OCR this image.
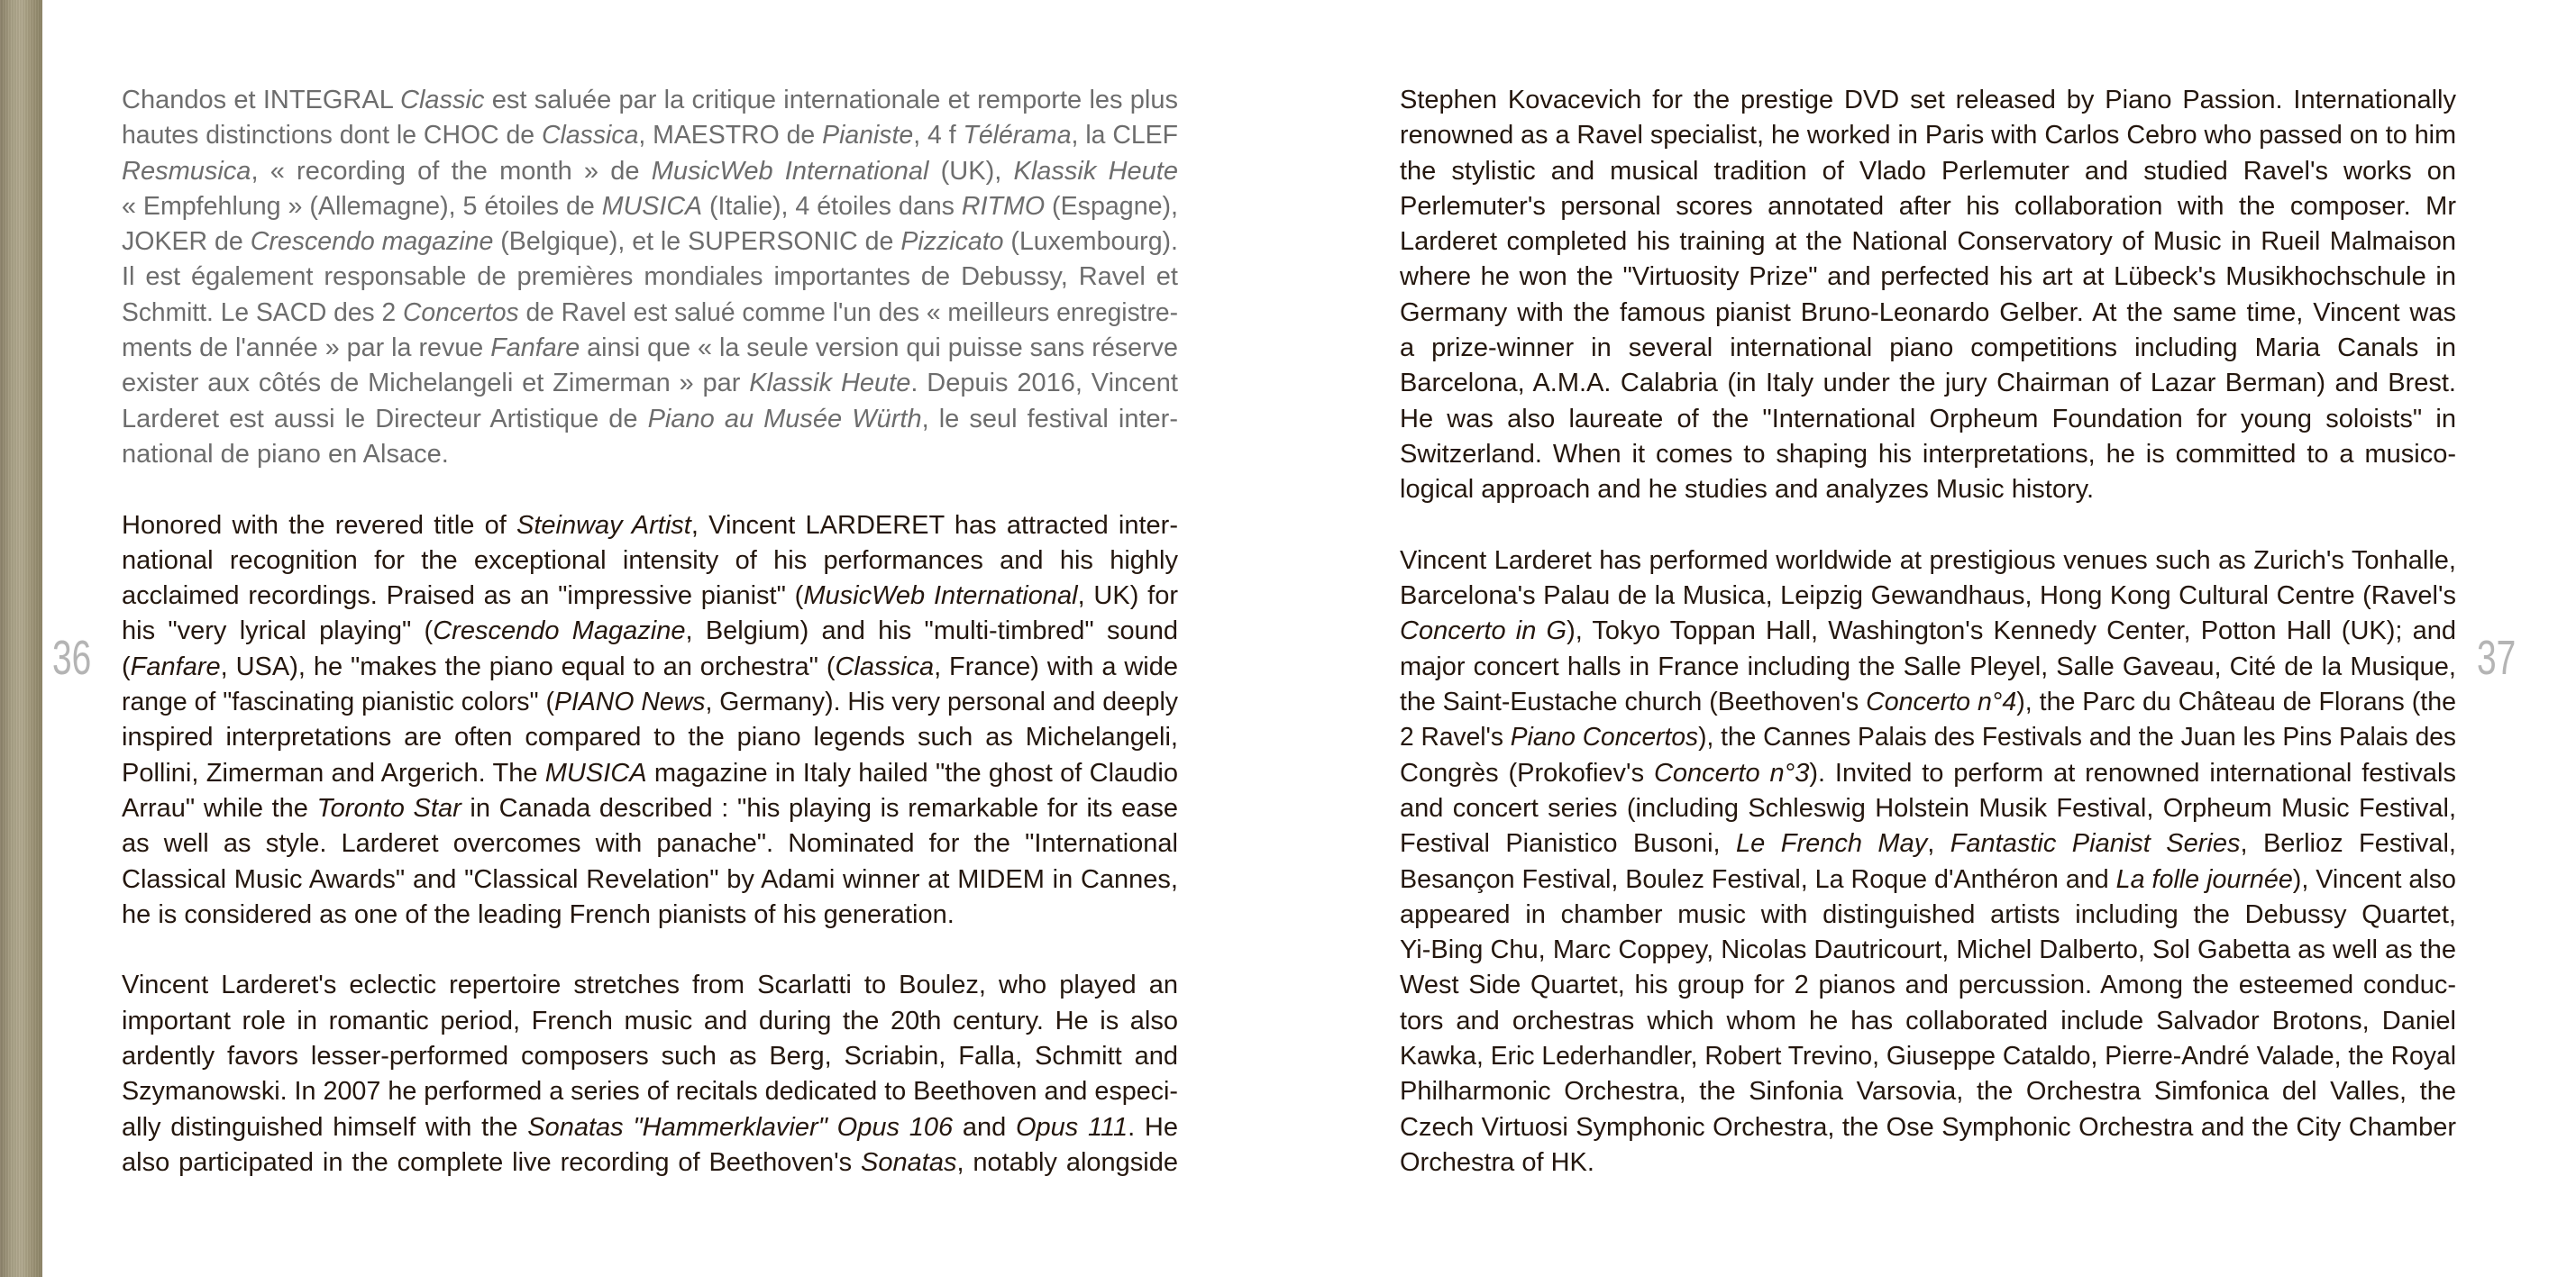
36	37
Chandos et INTEGRAL Classic est saluée par la critique internationale et remporte les plus
hautes distinctions dont le CHOC de Classica, MAESTRO de Pianiste, 4 f Télérama, la CLEF
Resmusica, « recording of the month » de MusicWeb International (UK), Klassik Heute
« Empfehlung » (Allemagne), 5 étoiles de MUSICA (Italie), 4 étoiles dans RITMO (Espagne),
JOKER de Crescendo magazine (Belgique), et le SUPERSONIC de Pizzicato (Luxembourg).
Il est également responsable de premières mondiales importantes de Debussy, Ravel et
Schmitt. Le SACD des 2 Concertos de Ravel est salué comme l'un des « meilleurs enregistre-
ments de l'année » par la revue Fanfare ainsi que « la seule version qui puisse sans réserve
exister aux côtés de Michelangeli et Zimerman » par Klassik Heute. Depuis 2016, Vincent
Larderet est aussi le Directeur Artistique de Piano au Musée Würth, le seul festival inter-
national de piano en Alsace.
Honored with the revered title of Steinway Artist, Vincent LARDERET has attracted inter-
national recognition for the exceptional intensity of his performances and his highly
acclaimed recordings. Praised as an "impressive pianist" (MusicWeb International, UK) for
his "very lyrical playing" (Crescendo Magazine, Belgium) and his "multi-timbred" sound
(Fanfare, USA), he "makes the piano equal to an orchestra" (Classica, France) with a wide
range of "fascinating pianistic colors" (PIANO News, Germany). His very personal and deeply
inspired interpretations are often compared to the piano legends such as Michelangeli,
Pollini, Zimerman and Argerich. The MUSICA magazine in Italy hailed "the ghost of Claudio
Arrau" while the Toronto Star in Canada described : "his playing is remarkable for its ease
as well as style. Larderet overcomes with panache". Nominated for the "International
Classical Music Awards" and "Classical Revelation" by Adami winner at MIDEM in Cannes,
he is considered as one of the leading French pianists of his generation.
Vincent Larderet's eclectic repertoire stretches from Scarlatti to Boulez, who played an
important role in romantic period, French music and during the 20th century. He is also
ardently favors lesser-performed composers such as Berg, Scriabin, Falla, Schmitt and
Szymanowski. In 2007 he performed a series of recitals dedicated to Beethoven and especi-
ally distinguished himself with the Sonatas "Hammerklavier" Opus 106 and Opus 111. He
also participated in the complete live recording of Beethoven's Sonatas, notably alongside
Stephen Kovacevich for the prestige DVD set released by Piano Passion. Internationally
renowned as a Ravel specialist, he worked in Paris with Carlos Cebro who passed on to him
the stylistic and musical tradition of Vlado Perlemuter and studied Ravel's works on
Perlemuter's personal scores annotated after his collaboration with the composer. Mr
Larderet completed his training at the National Conservatory of Music in Rueil Malmaison
where he won the "Virtuosity Prize" and perfected his art at Lübeck's Musikhochschule in
Germany with the famous pianist Bruno-Leonardo Gelber. At the same time, Vincent was
a prize-winner in several international piano competitions including Maria Canals in
Barcelona, A.M.A. Calabria (in Italy under the jury Chairman of Lazar Berman) and Brest.
He was also laureate of the "International Orpheum Foundation for young soloists" in
Switzerland. When it comes to shaping his interpretations, he is committed to a musico-
logical approach and he studies and analyzes Music history.
Vincent Larderet has performed worldwide at prestigious venues such as Zurich's Tonhalle,
Barcelona's Palau de la Musica, Leipzig Gewandhaus, Hong Kong Cultural Centre (Ravel's
Concerto in G), Tokyo Toppan Hall, Washington's Kennedy Center, Potton Hall (UK); and
major concert halls in France including the Salle Pleyel, Salle Gaveau, Cité de la Musique,
the Saint-Eustache church (Beethoven's Concerto n°4), the Parc du Château de Florans (the
2 Ravel's Piano Concertos), the Cannes Palais des Festivals and the Juan les Pins Palais des
Congrès (Prokofiev's Concerto n°3). Invited to perform at renowned international festivals
and concert series (including Schleswig Holstein Musik Festival, Orpheum Music Festival,
Festival Pianistico Busoni, Le French May, Fantastic Pianist Series, Berlioz Festival,
Besançon Festival, Boulez Festival, La Roque d'Anthéron and La folle journée), Vincent also
appeared in chamber music with distinguished artists including the Debussy Quartet,
Yi-Bing Chu, Marc Coppey, Nicolas Dautricourt, Michel Dalberto, Sol Gabetta as well as the
West Side Quartet, his group for 2 pianos and percussion. Among the esteemed conduc-
tors and orchestras which whom he has collaborated include Salvador Brotons, Daniel
Kawka, Eric Lederhandler, Robert Trevino, Giuseppe Cataldo, Pierre-André Valade, the Royal
Philharmonic Orchestra, the Sinfonia Varsovia, the Orchestra Simfonica del Valles, the
Czech Virtuosi Symphonic Orchestra, the Ose Symphonic Orchestra and the City Chamber
Orchestra of HK.
